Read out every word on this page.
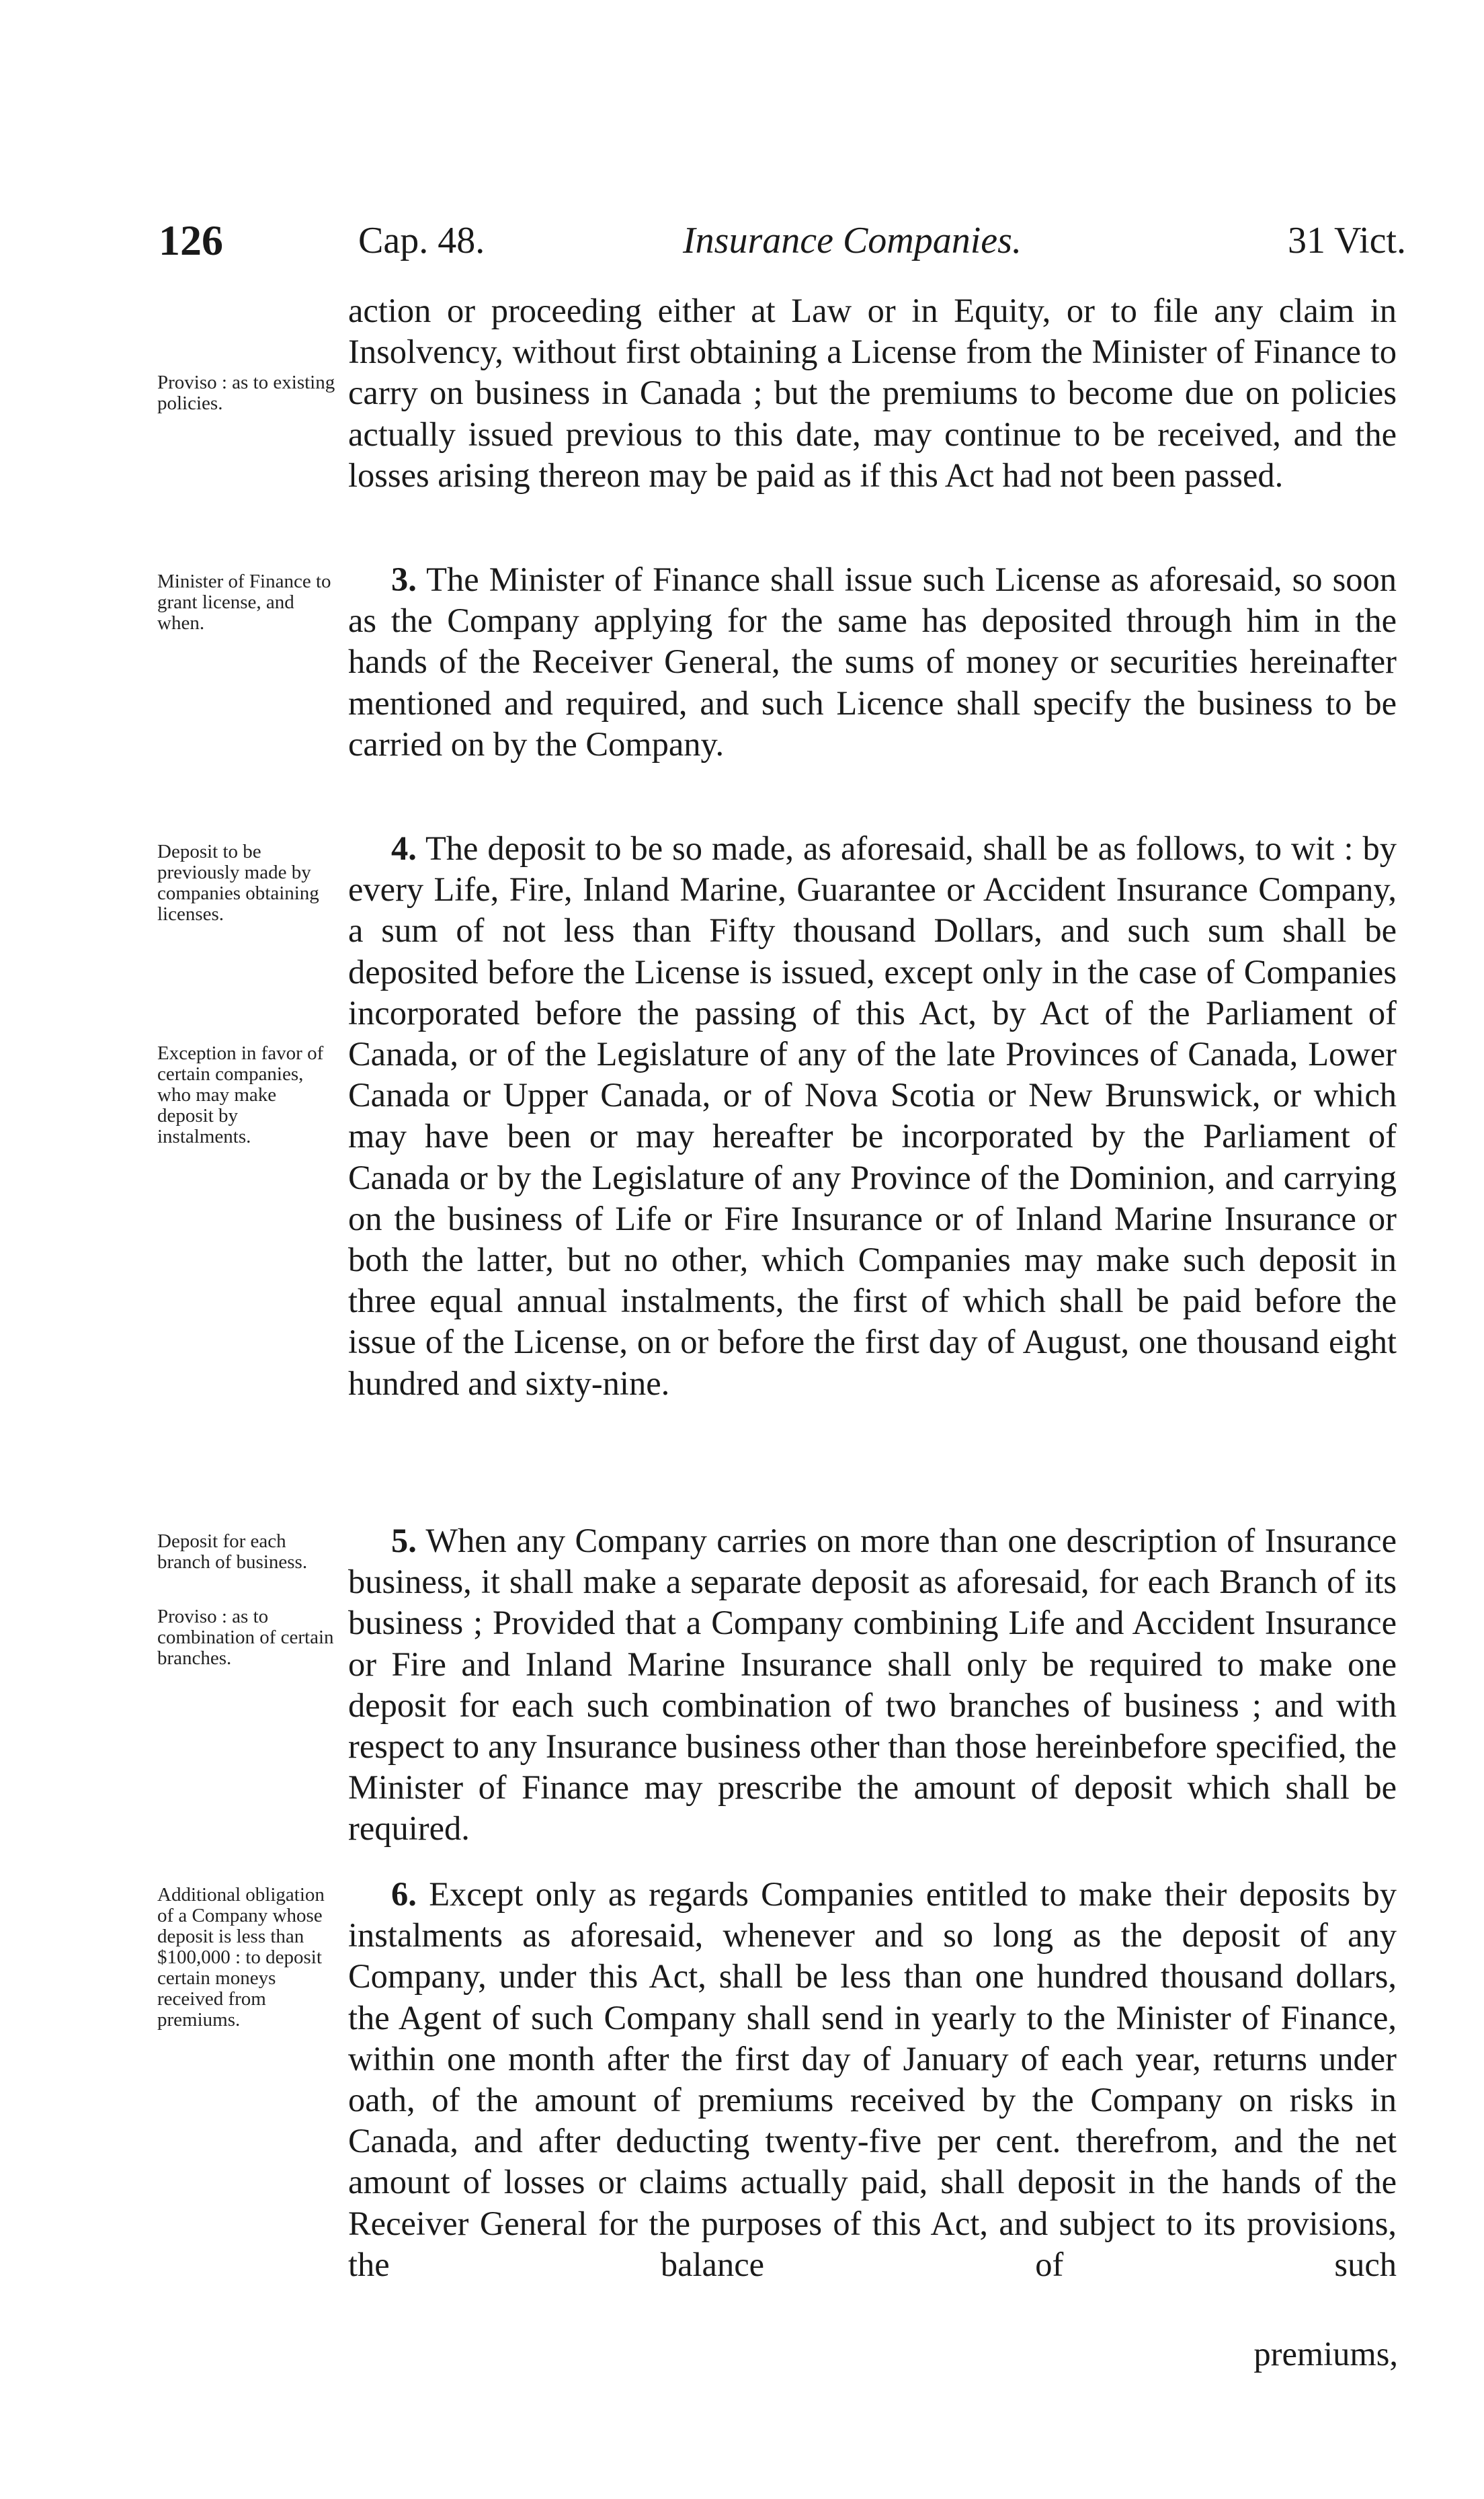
126	Cap. 48.	Insurance Companies.	31 Vict.
Proviso : as to existing policies.

action or proceeding either at Law or in Equity, or to file any claim in Insolvency, without first obtaining a License from the Minister of Finance to carry on business in Canada ; but the premiums to become due on policies actually issued previous to this date, may continue to be received, and the losses arising thereon may be paid as if this Act had not been passed.

Minister of Finance to grant license, and when.

3. The Minister of Finance shall issue such License as aforesaid, so soon as the Company applying for the same has deposited through him in the hands of the Receiver General, the sums of money or securities hereinafter mentioned and required, and such Licence shall specify the business to be carried on by the Company.

Deposit to be previously made by companies obtaining licenses.
Exception in favor of certain companies, who may make deposit by instalments.

4. The deposit to be so made, as aforesaid, shall be as follows, to wit : by every Life, Fire, Inland Marine, Guarantee or Accident Insurance Company, a sum of not less than Fifty thousand Dollars, and such sum shall be deposited before the License is issued, except only in the case of Companies incorporated before the passing of this Act, by Act of the Parliament of Canada, or of the Legislature of any of the late Provinces of Canada, Lower Canada or Upper Canada, or of Nova Scotia or New Brunswick, or which may have been or may hereafter be incorporated by the Parliament of Canada or by the Legislature of any Province of the Dominion, and carrying on the business of Life or Fire Insurance or of Inland Marine Insurance or both the latter, but no other, which Companies may make such deposit in three equal annual instalments, the first of which shall be paid before the issue of the License, on or before the first day of August, one thousand eight hundred and sixty-nine.

Deposit for each branch of business.
Proviso : as to combination of certain branches.

5. When any Company carries on more than one description of Insurance business, it shall make a separate deposit as aforesaid, for each Branch of its business ; Provided that a Company combining Life and Accident Insurance or Fire and Inland Marine Insurance shall only be required to make one deposit for each such combination of two branches of business ; and with respect to any Insurance business other than those hereinbefore specified, the Minister of Finance may prescribe the amount of deposit which shall be required.

Additional obligation of a Company whose deposit is less than $100,000 : to deposit certain moneys received from premiums.

6. Except only as regards Companies entitled to make their deposits by instalments as aforesaid, whenever and so long as the deposit of any Company, under this Act, shall be less than one hundred thousand dollars, the Agent of such Company shall send in yearly to the Minister of Finance, within one month after the first day of January of each year, returns under oath, of the amount of premiums received by the Company on risks in Canada, and after deducting twenty-five per cent. therefrom, and the net amount of losses or claims actually paid, shall deposit in the hands of the Receiver General for the purposes of this Act, and subject to its provisions, the balance of such

premiums,
